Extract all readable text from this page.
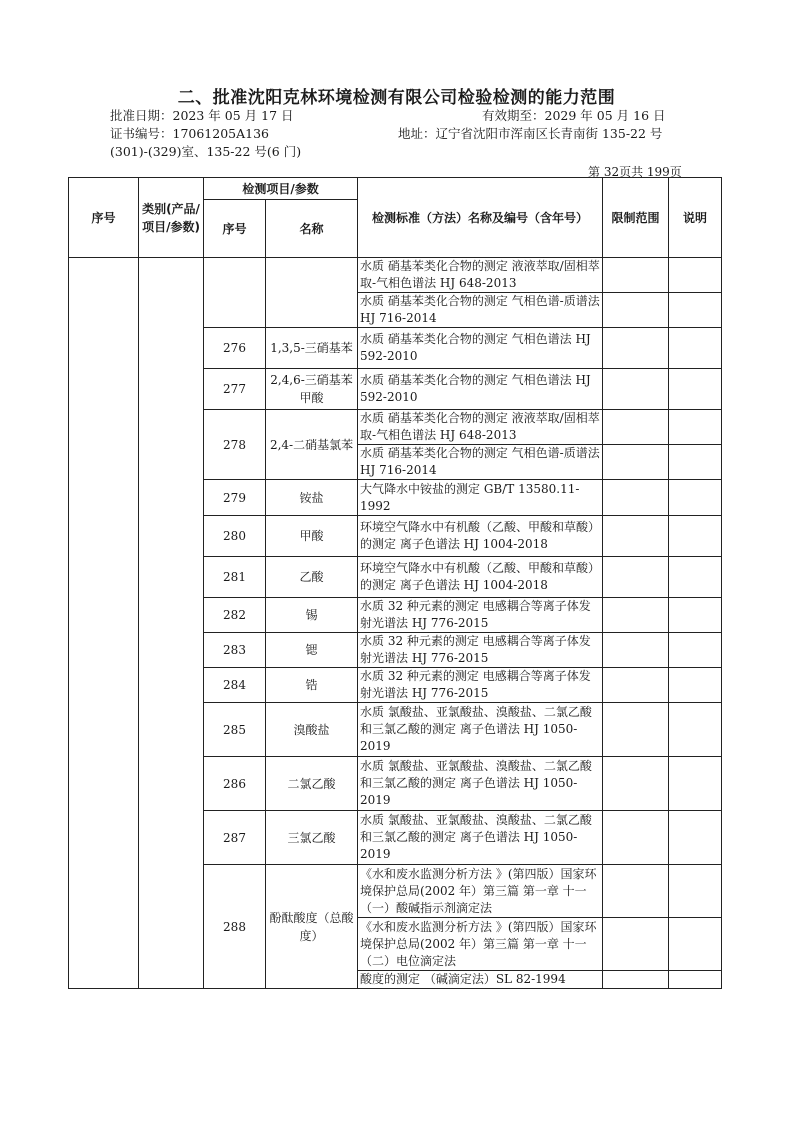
二、批准沈阳克林环境检测有限公司检验检测的能力范围
批准日期：2023 年 05 月 17 日	有效期至：2029 年 05 月 16 日
证书编号：17061205A136	地址：辽宁省沈阳市浑南区长青南街 135-22 号
(301)-(329)室、135-22 号(6 门)
第 32页共 199页
序号	类别(产品/项目/参数)	检测项目/参数		检测标准（方法）名称及编号（含年号）	限制范围	说明
		序号	名称			
				水质 硝基苯类化合物的测定 液液萃取/固相萃取-气相色谱法 HJ 648-2013		
				水质 硝基苯类化合物的测定 气相色谱-质谱法 HJ 716-2014		
		276	1,3,5-三硝基苯	水质 硝基苯类化合物的测定 气相色谱法 HJ 592-2010		
		277	2,4,6-三硝基苯甲酸	水质 硝基苯类化合物的测定 气相色谱法 HJ 592-2010		
		278	2,4-二硝基氯苯	水质 硝基苯类化合物的测定 液液萃取/固相萃取-气相色谱法 HJ 648-2013		
				水质 硝基苯类化合物的测定 气相色谱-质谱法 HJ 716-2014		
		279	铵盐	大气降水中铵盐的测定 GB/T 13580.11-1992		
		280	甲酸	环境空气降水中有机酸（乙酸、甲酸和草酸）的测定 离子色谱法 HJ 1004-2018		
		281	乙酸	环境空气降水中有机酸（乙酸、甲酸和草酸）的测定 离子色谱法 HJ 1004-2018		
		282	锡	水质 32 种元素的测定 电感耦合等离子体发射光谱法 HJ 776-2015		
		283	锶	水质 32 种元素的测定 电感耦合等离子体发射光谱法 HJ 776-2015		
		284	锆	水质 32 种元素的测定 电感耦合等离子体发射光谱法 HJ 776-2015		
		285	溴酸盐	水质 氯酸盐、亚氯酸盐、溴酸盐、二氯乙酸和三氯乙酸的测定 离子色谱法 HJ 1050-2019		
		286	二氯乙酸	水质 氯酸盐、亚氯酸盐、溴酸盐、二氯乙酸和三氯乙酸的测定 离子色谱法 HJ 1050-2019		
		287	三氯乙酸	水质 氯酸盐、亚氯酸盐、溴酸盐、二氯乙酸和三氯乙酸的测定 离子色谱法 HJ 1050-2019		
		288	酚酞酸度（总酸度）	《水和废水监测分析方法 》(第四版）国家环境保护总局(2002 年）第三篇 第一章 十一（一）酸碱指示剂滴定法		
				《水和废水监测分析方法 》(第四版）国家环境保护总局(2002 年）第三篇 第一章 十一（二）电位滴定法		
				酸度的测定 （碱滴定法）SL 82-1994		
